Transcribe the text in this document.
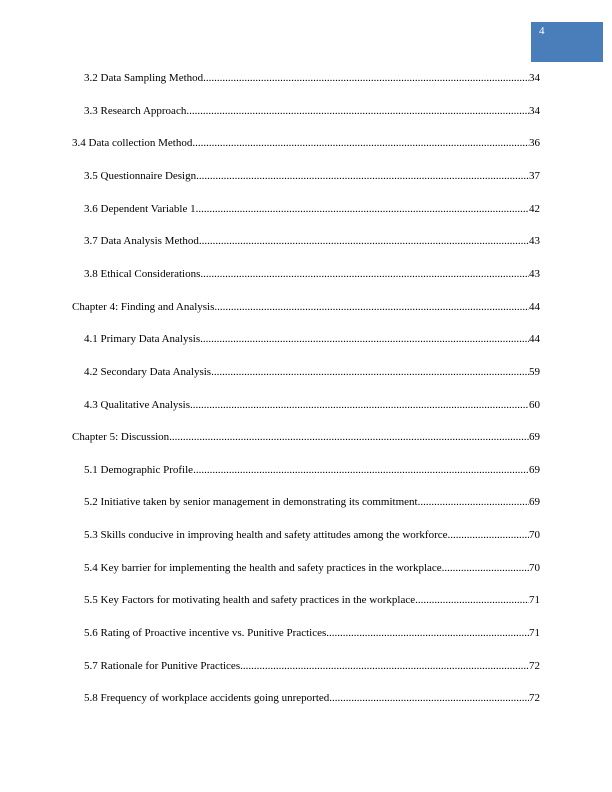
4
3.2 Data Sampling Method .....	34
3.3 Research Approach .....	34
3.4 Data collection Method .....	36
3.5 Questionnaire Design .....	37
3.6 Dependent Variable 1 .....	42
3.7 Data Analysis Method .....	43
3.8 Ethical Considerations .....	43
Chapter 4: Finding and Analysis .....	44
4.1 Primary Data Analysis .....	44
4.2 Secondary Data Analysis .....	59
4.3 Qualitative Analysis .....	60
Chapter 5: Discussion .....	69
5.1 Demographic Profile .....	69
5.2 Initiative taken by senior management in demonstrating its commitment .....	69
5.3 Skills conducive in improving health and safety attitudes among the workforce .....	70
5.4 Key barrier for implementing the health and safety practices in the workplace .....	70
5.5 Key Factors for motivating health and safety practices in the workplace .....	71
5.6 Rating of Proactive incentive vs. Punitive Practices .....	71
5.7 Rationale for Punitive Practices .....	72
5.8 Frequency of workplace accidents going unreported .....	72
